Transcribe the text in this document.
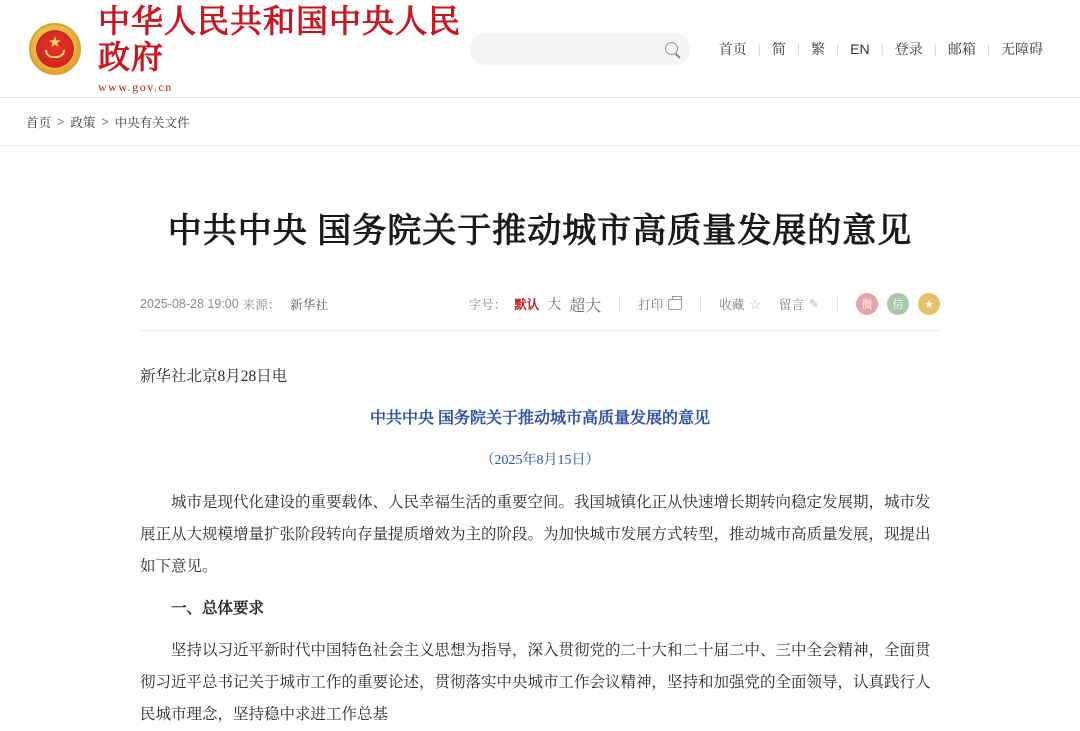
★
中华人民共和国中央人民政府
www.gov.cn
首页 | 简 | 繁 | EN | 登录 | 邮箱 | 无障碍
首页 > 政策 > 中央有关文件
中共中央 国务院关于推动城市高质量发展的意见
2025-08-28 19:00 来源： 新华社	字号： 默认 大 超大	打印	收藏 ☆ 留言 ✎	微	信	★

新华社北京8月28日电

中共中央 国务院关于推动城市高质量发展的意见

（2025年8月15日）

城市是现代化建设的重要载体、人民幸福生活的重要空间。我国城镇化正从快速增长期转向稳定发展期，城市发展正从大规模增量扩张阶段转向存量提质增效为主的阶段。为加快城市发展方式转型，推动城市高质量发展，现提出如下意见。

一、总体要求

坚持以习近平新时代中国特色社会主义思想为指导，深入贯彻党的二十大和二十届二中、三中全会精神，全面贯彻习近平总书记关于城市工作的重要论述，贯彻落实中央城市工作会议精神，坚持和加强党的全面领导，认真践行人民城市理念，坚持稳中求进工作总基
